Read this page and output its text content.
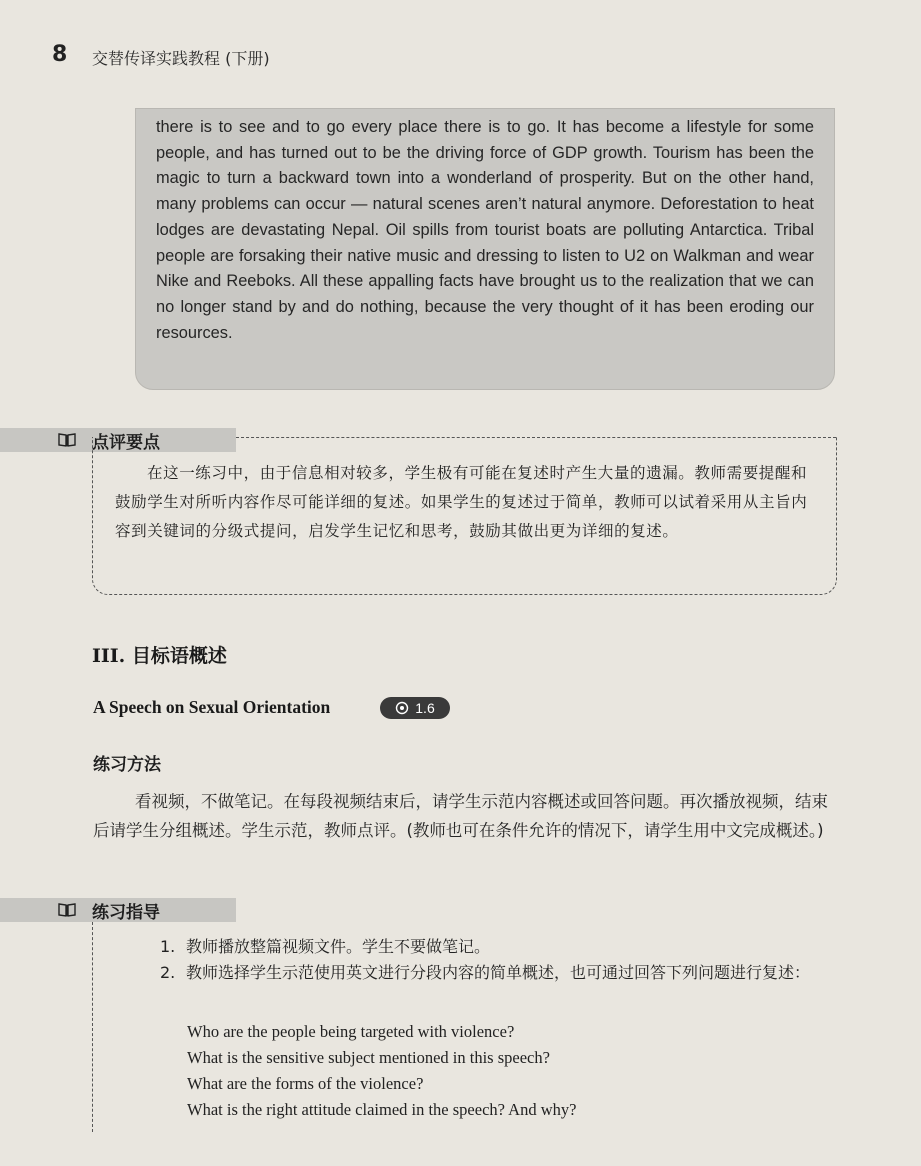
8 交替传译实践教程 (下册)

there is to see and to go every place there is to go. It has become a lifestyle for some people, and has turned out to be the driving force of GDP growth. Tourism has been the magic to turn a backward town into a wonderland of prosperity. But on the other hand, many problems can occur — natural scenes aren’t natural anymore. Deforestation to heat lodges are devastating Nepal. Oil spills from tourist boats are polluting Antarctica. Tribal people are forsaking their native music and dressing to listen to U2 on Walkman and wear Nike and Reeboks. All these appalling facts have brought us to the realization that we can no longer stand by and do nothing, because the very thought of it has been eroding our resources.

点评要点

在这一练习中，由于信息相对较多，学生极有可能在复述时产生大量的遗漏。教师需要提醒和鼓励学生对所听内容作尽可能详细的复述。如果学生的复述过于简单，教师可以试着采用从主旨内容到关键词的分级式提问，启发学生记忆和思考，鼓励其做出更为详细的复述。

III. 目标语概述
A Speech on Sexual Orientation	1.6
练习方法

看视频，不做笔记。在每段视频结束后，请学生示范内容概述或回答问题。再次播放视频，结束后请学生分组概述。学生示范，教师点评。(教师也可在条件允许的情况下，请学生用中文完成概述。)

练习指导
1. 教师播放整篇视频文件。学生不要做笔记。
2. 教师选择学生示范使用英文进行分段内容的简单概述，也可通过回答下列问题进行复述：
Who are the people being targeted with violence?
What is the sensitive subject mentioned in this speech?
What are the forms of the violence?
What is the right attitude claimed in the speech? And why?
